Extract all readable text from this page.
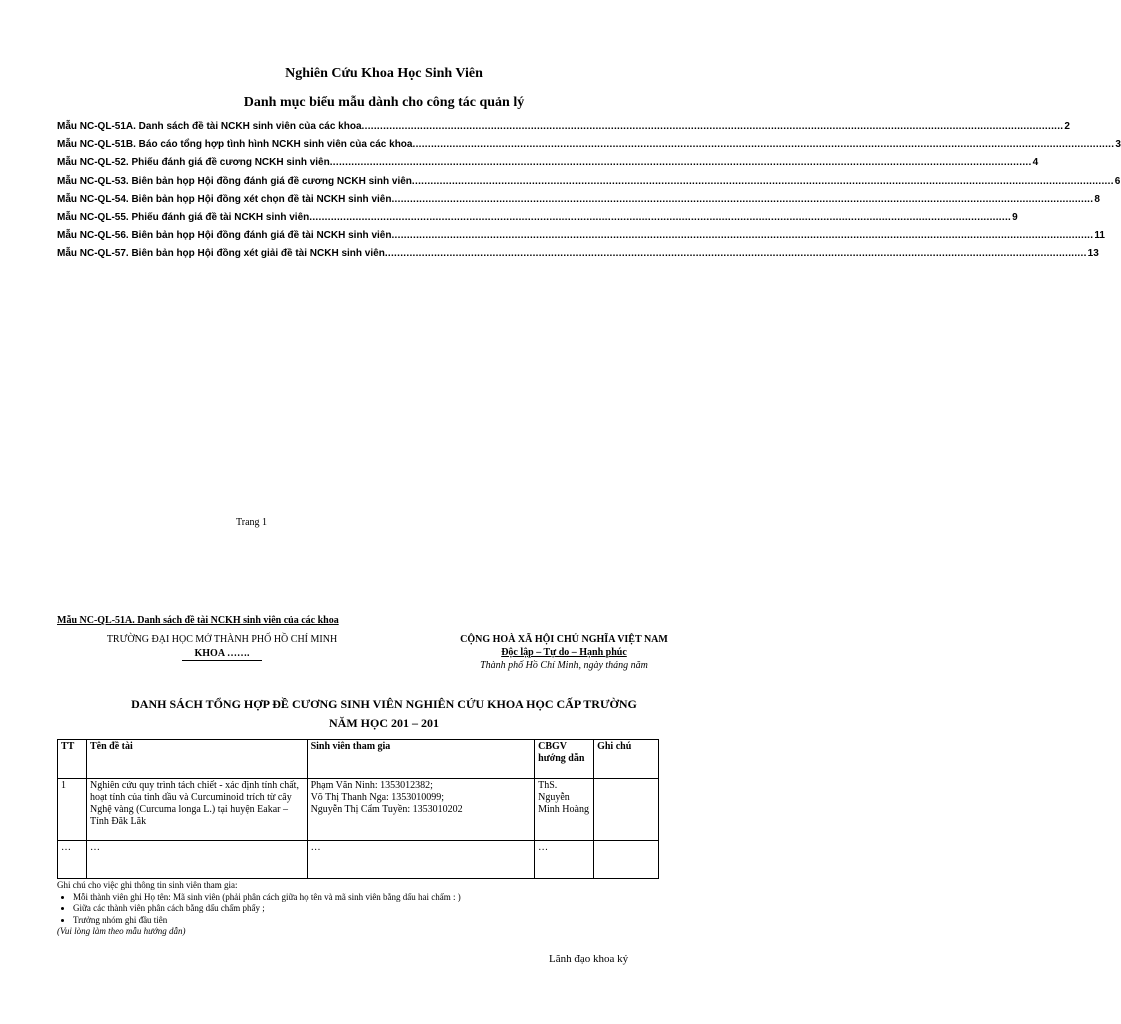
Nghiên Cứu Khoa Học Sinh Viên
Danh mục biểu mẫu dành cho công tác quản lý
Mẫu NC-QL-51A. Danh sách đề tài NCKH sinh viên của các khoa .................................................................................................................................................................................................................................... 2
Mẫu NC-QL-51B. Báo cáo tổng hợp tình hình NCKH sinh viên của các khoa .................................................................................................................................................................................................................................... 3
Mẫu NC-QL-52. Phiếu đánh giá đề cương NCKH sinh viên .................................................................................................................................................................................................................................... 4
Mẫu NC-QL-53. Biên bản họp Hội đồng đánh giá đề cương NCKH sinh viên .................................................................................................................................................................................................................................... 6
Mẫu NC-QL-54. Biên bản họp Hội đồng xét chọn đề tài NCKH sinh viên .................................................................................................................................................................................................................................... 8
Mẫu NC-QL-55. Phiếu đánh giá đề tài NCKH sinh viên .................................................................................................................................................................................................................................... 9
Mẫu NC-QL-56. Biên bản họp Hội đồng đánh giá đề tài NCKH sinh viên .................................................................................................................................................................................................................................... 11
Mẫu NC-QL-57. Biên bản họp Hội đồng xét giải đề tài NCKH sinh viên .................................................................................................................................................................................................................................... 13
Trang 1
Mẫu NC-QL-51A. Danh sách đề tài NCKH sinh viên của các khoa
TRƯỜNG ĐẠI HỌC MỞ THÀNH PHỐ HỒ CHÍ MINH
KHOA …….
CỘNG HOÀ XÃ HỘI CHỦ NGHĨA VIỆT NAM
Độc lập – Tự do – Hạnh phúc
Thành phố Hồ Chí Minh, ngày tháng năm
DANH SÁCH TỔNG HỢP ĐỀ CƯƠNG SINH VIÊN NGHIÊN CỨU KHOA HỌC CẤP TRƯỜNG
NĂM HỌC 201 – 201
TT	Tên đề tài	Sinh viên tham gia	CBGV hướng dẫn	Ghi chú
1	Nghiên cứu quy trình tách chiết - xác định tính chất, hoạt tính của tinh dầu và Curcuminoid trích từ cây Nghệ vàng (Curcuma longa L.) tại huyện Eakar – Tỉnh Đăk Lăk	Phạm Văn Ninh: 1353012382;
Võ Thị Thanh Nga: 1353010099;
Nguyễn Thị Cẩm Tuyền: 1353010202	ThS. Nguyễn Minh Hoàng	
…	…	…	…	
Ghi chú cho việc ghi thông tin sinh viên tham gia:
• Mỗi thành viên ghi Họ tên: Mã sinh viên (phải phân cách giữa họ tên và mã sinh viên bằng dấu hai chấm : )
• Giữa các thành viên phân cách bằng dấu chấm phẩy ;
• Trưởng nhóm ghi đầu tiên
(Vui lòng làm theo mẫu hướng dẫn)
Lãnh đạo khoa ký
